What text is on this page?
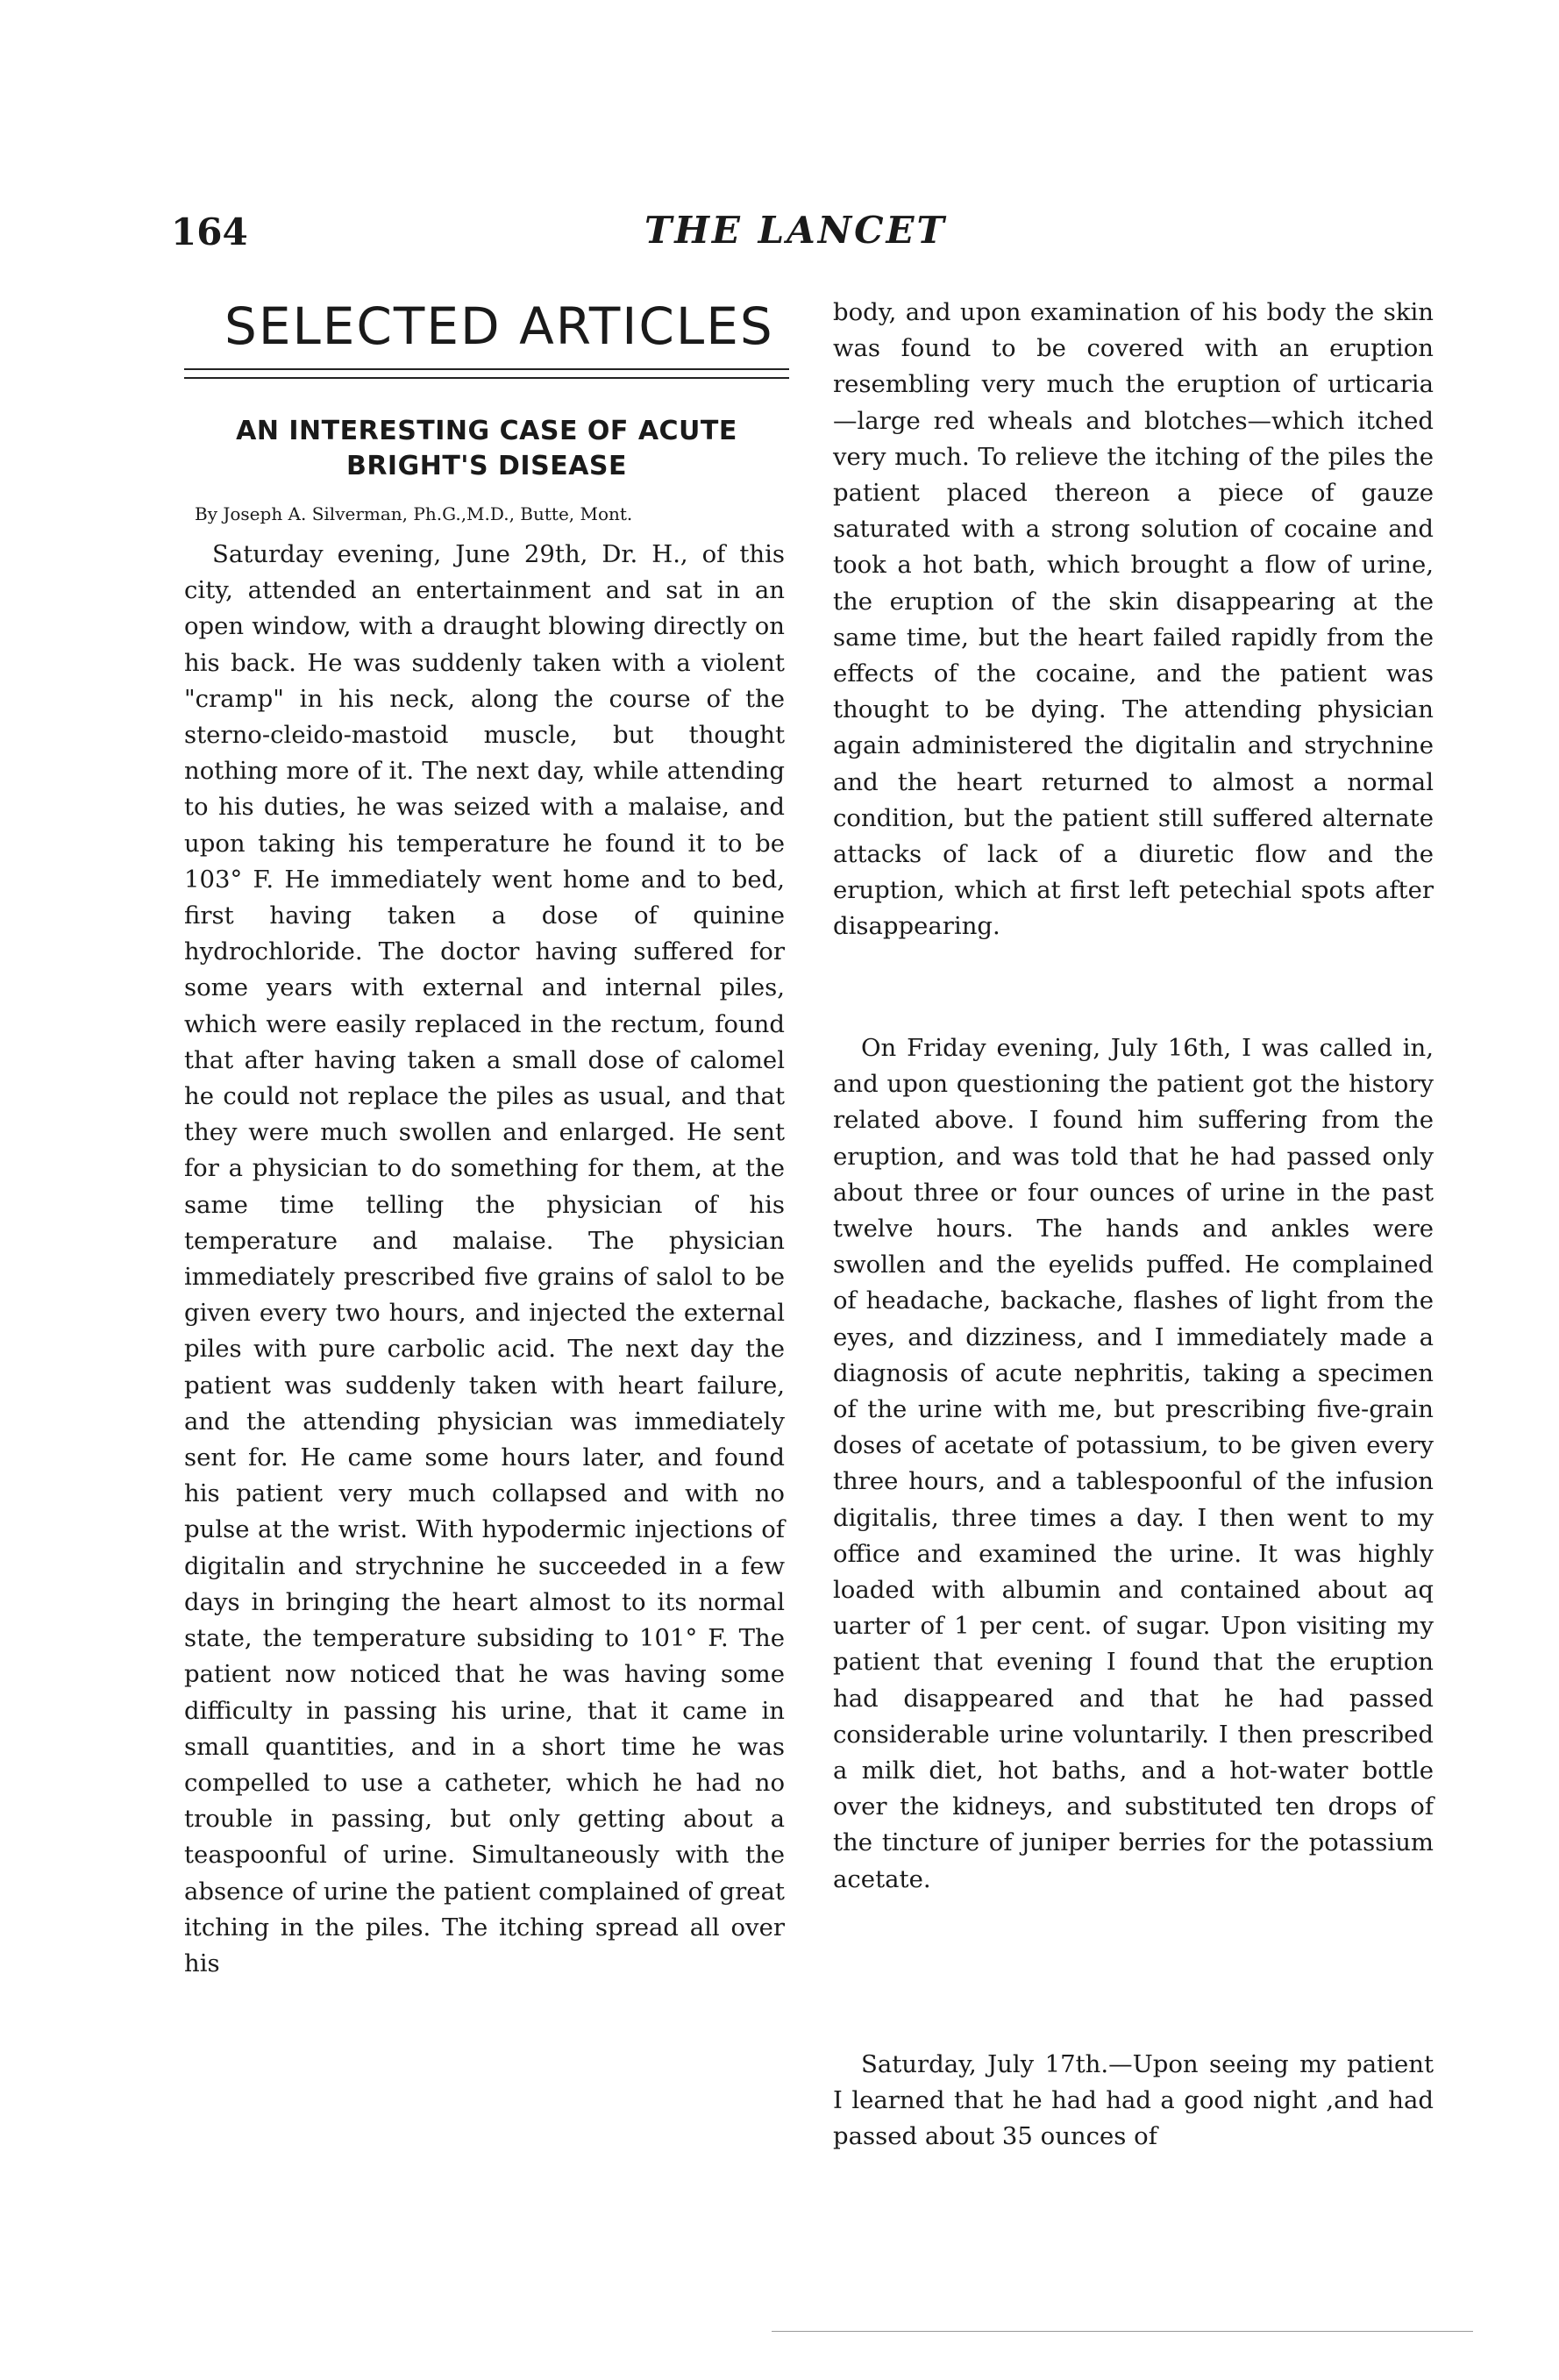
164	THE LANCET
SELECTED ARTICLES
AN INTERESTING CASE OF ACUTE BRIGHT'S DISEASE
By Joseph A. Silverman, Ph.G.,M.D., Butte, Mont.

Saturday evening, June 29th, Dr. H., of this city, attended an entertainment and sat in an open window, with a draught blowing directly on his back. He was suddenly taken with a violent "cramp" in his neck, along the course of the sterno-cleido-mastoid muscle, but thought nothing more of it. The next day, while attending to his duties, he was seized with a malaise, and upon taking his temperature he found it to be 103° F. He immediately went home and to bed, first having taken a dose of quinine hydrochloride. The doctor having suffered for some years with external and internal piles, which were easily replaced in the rectum, found that after having taken a small dose of calomel he could not replace the piles as usual, and that they were much swollen and enlarged. He sent for a physician to do something for them, at the same time telling the physician of his temperature and malaise. The physician immediately prescribed five grains of salol to be given every two hours, and injected the external piles with pure carbolic acid. The next day the patient was suddenly taken with heart failure, and the attending physician was immediately sent for. He came some hours later, and found his patient very much collapsed and with no pulse at the wrist. With hypodermic injections of digitalin and strychnine he succeeded in a few days in bringing the heart almost to its normal state, the temperature subsiding to 101° F. The patient now noticed that he was having some difficulty in passing his urine, that it came in small quantities, and in a short time he was compelled to use a catheter, which he had no trouble in passing, but only getting about a teaspoonful of urine. Simultaneously with the absence of urine the patient complained of great itching in the piles. The itching spread all over his

body, and upon examination of his body the skin was found to be covered with an eruption resembling very much the eruption of urticaria—large red wheals and blotches—which itched very much. To relieve the itching of the piles the patient placed thereon a piece of gauze saturated with a strong solution of cocaine and took a hot bath, which brought a flow of urine, the eruption of the skin disappearing at the same time, but the heart failed rapidly from the effects of the cocaine, and the patient was thought to be dying. The attending physician again administered the digitalin and strychnine and the heart returned to almost a normal condition, but the patient still suffered alternate attacks of lack of a diuretic flow and the eruption, which at first left petechial spots after disappearing.

On Friday evening, July 16th, I was called in, and upon questioning the patient got the history related above. I found him suffering from the eruption, and was told that he had passed only about three or four ounces of urine in the past twelve hours. The hands and ankles were swollen and the eyelids puffed. He complained of headache, backache, flashes of light from the eyes, and dizziness, and I immediately made a diagnosis of acute nephritis, taking a specimen of the urine with me, but prescribing five-grain doses of acetate of potassium, to be given every three hours, and a tablespoonful of the infusion digitalis, three times a day. I then went to my office and examined the urine. It was highly loaded with albumin and contained about aq uarter of 1 per cent. of sugar. Upon visiting my patient that evening I found that the eruption had disappeared and that he had passed considerable urine voluntarily. I then prescribed a milk diet, hot baths, and a hot-water bottle over the kidneys, and substituted ten drops of the tincture of juniper berries for the potassium acetate.

Saturday, July 17th.—Upon seeing my patient I learned that he had had a good night ,and had passed about 35 ounces of
